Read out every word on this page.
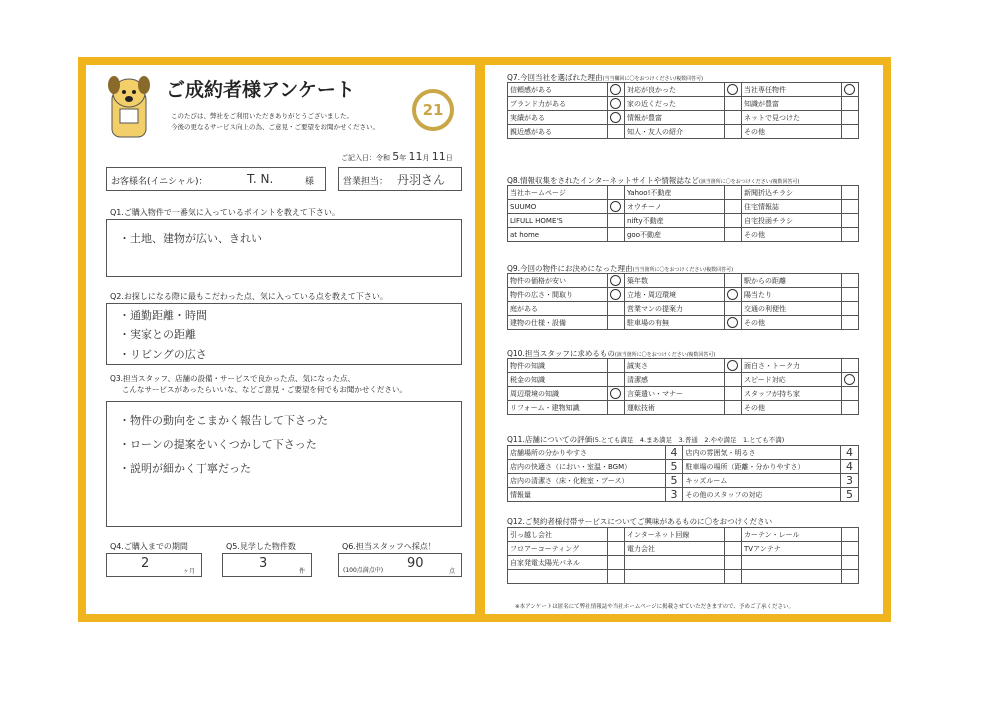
ご成約者様アンケート
このたびは、弊社をご利用いただきありがとうございました。
今後の更なるサービス向上の為、ご意見・ご要望をお聞かせください。
21
ご記入日：令和 5年 11月 11日
お客様名(イニシャル)：	T. N.	様	営業担当： 丹羽さん
Q1.ご購入物件で一番気に入っているポイントを教えて下さい。
・土地、建物が広い、きれい
Q2.お探しになる際に最もこだわった点、気に入っている点を教えて下さい。
・通勤距離・時間
・実家との距離
・リビングの広さ
Q3.担当スタッフ、店舗の設備・サービスで良かった点、気になった点、
こんなサービスがあったらいいな、などご意見・ご要望を何でもお聞かせください。
・物件の動向をこまかく報告して下さった
・ローンの提案をいくつかして下さった
・説明が細かく丁寧だった
Q4.ご購入までの期間
2
ヶ月
Q5.見学した物件数
3
件
Q6.担当スタッフへ採点！
(100点満点中) 90
点
Q7.今回当社を選ばれた理由(当当欄回に〇をおつけください/複数回答可)
信頼感がある		対応が良かった		当社専任物件	
ブランド力がある		家の近くだった		知識が豊富	
実績がある		情報が豊富		ネットで見つけた	
親近感がある		知人・友人の紹介		その他	
Q8.情報収集をされたインターネットサイトや情報誌など(該当箇所に〇をおつけください/複数回答可)
当社ホームページ		Yahoo!不動産		新聞折込チラシ	
SUUMO		オウチーノ		住宅情報誌	
LIFULL HOME'S		nifty不動産		自宅投函チラシ	
at home		goo不動産		その他	
Q9.今回の物件にお決めになった理由(当当箇所に〇をおつけください/複数回答可)
物件の価格が安い		築年数		駅からの距離	
物件の広さ・間取り		立地・周辺環境		陽当たり	
庭がある		営業マンの提案力		交通の利便性	
建物の仕様・設備		駐車場の有無		その他	
Q10.担当スタッフに求めるもの(該当箇所に〇をおつけください/複数回答可)
物件の知識		誠実さ		面白さ・トーク力	
税金の知識		清潔感		スピード対応	
周辺環境の知識		言葉遣い・マナー		スタッフが持ち家	
リフォーム・建物知識		運転技術		その他	
Q11.店舗についての評価(5.とても満足　4.まあ満足　3.普通　2.やや満足　1.とても不満)
店舗場所の分かりやすさ	4	店内の雰囲気・明るさ	4
店内の快適さ（におい・室温・BGM）	5	駐車場の場所（距離・分かりやすさ）	4
店内の清潔さ（床・化粧室・ブース）	5	キッズルーム	3
情報量	3	その他のスタッフの対応	5
Q12.ご契約者様付帯サービスについてご興味があるものに〇をおつけください
引っ越し会社		インターネット回線		カーテン・レール	
フロアーコーティング		電力会社		TVアンテナ	
自家発電太陽光パネル					

※本アンケートは匿名にて弊社情報誌や当社ホームページに掲載させていただきますので、予めご了承ください。
